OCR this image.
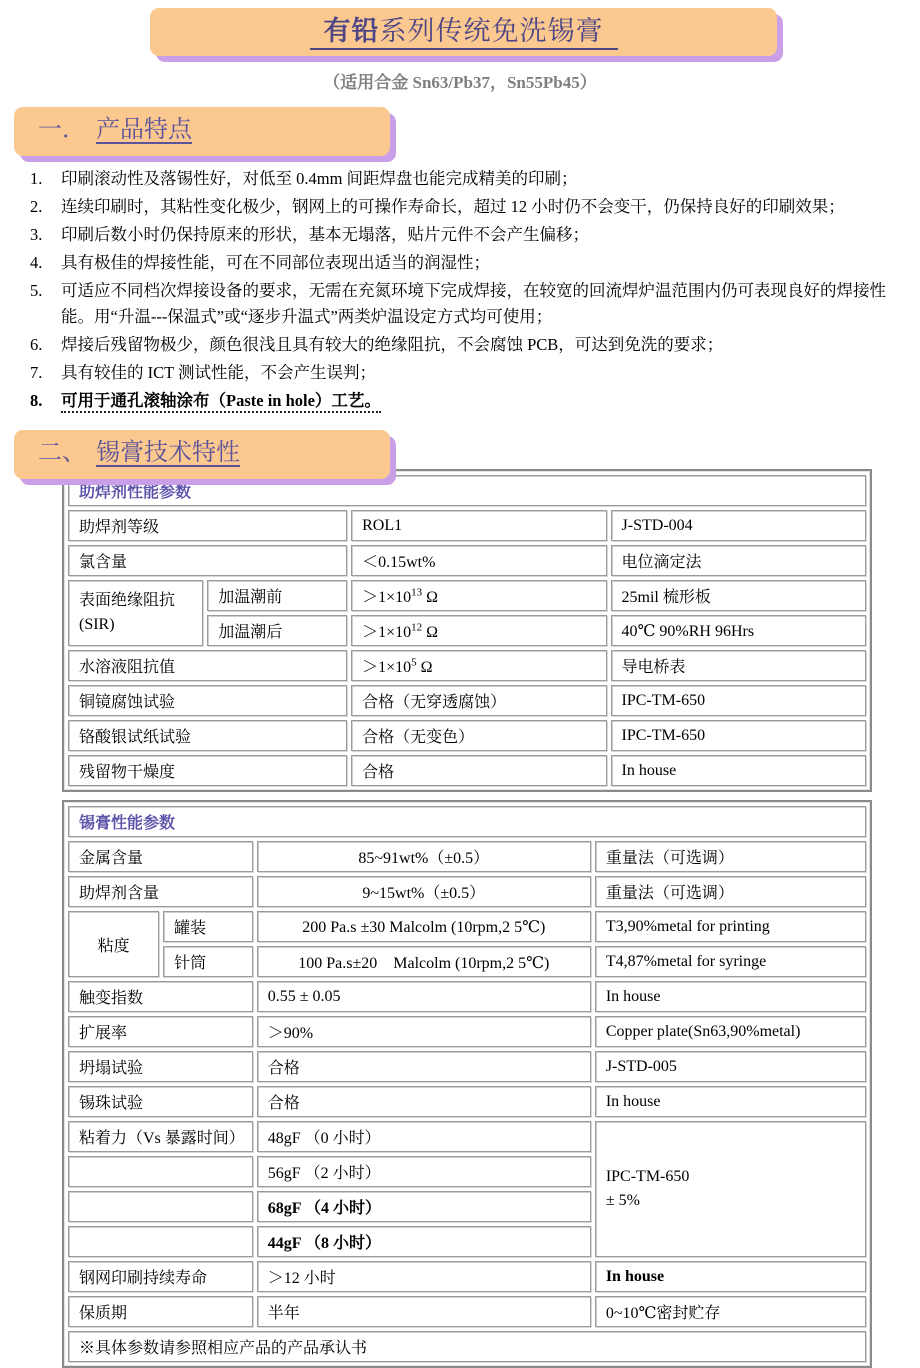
有铅系列传统免洗锡膏
（适用合金 Sn63/Pb37，Sn55Pb45）
一． 产品特点
1.	印刷滚动性及落锡性好，对低至 0.4mm 间距焊盘也能完成精美的印刷；
2.	连续印刷时，其粘性变化极少，钢网上的可操作寿命长，超过 12 小时仍不会变干，仍保持良好的印刷效果；
3.	印刷后数小时仍保持原来的形状，基本无塌落，贴片元件不会产生偏移；
4.	具有极佳的焊接性能，可在不同部位表现出适当的润湿性；
5.	可适应不同档次焊接设备的要求，无需在充氮环境下完成焊接，在较宽的回流焊炉温范围内仍可表现良好的焊接性能。用“升温---保温式”或“逐步升温式”两类炉温设定方式均可使用；
6.	焊接后残留物极少，颜色很浅且具有较大的绝缘阻抗，不会腐蚀 PCB，可达到免洗的要求；
7.	具有较佳的 ICT 测试性能，不会产生误判；
8.	可用于通孔滚轴涂布（Paste in hole）工艺。
二、 锡膏技术特性
助焊剂性能参数			
助焊剂等级		ROL1	J-STD-004
氯含量		＜0.15wt%	电位滴定法
表面绝缘阻抗
(SIR)	加温潮前	$>1\times 10^{13}$ Ω	25mil 梳形板
	加温潮后	$>1\times 10^{12}$ Ω	40℃ 90%RH 96Hrs
水溶液阻抗值		$>1\times 10^5$ Ω	导电桥表
铜镜腐蚀试验		合格（无穿透腐蚀）	IPC-TM-650
铬酸银试纸试验		合格（无变色）	IPC-TM-650
残留物干燥度		合格	In house
锡膏性能参数			
金属含量		85~91wt%（±0.5）	重量法（可选调）
助焊剂含量		9~15wt%（±0.5）	重量法（可选调）
粘度	罐装	200 Pa.s ±30 Malcolm (10rpm,2 5℃)	T3,90%metal for printing
	针筒	100 Pa.s±20　Malcolm (10rpm,2 5℃)	T4,87%metal for syringe
触变指数		0.55 ± 0.05	In house
扩展率		＞90%	Copper plate(Sn63,90%metal)
坍塌试验		合格	J-STD-005
锡珠试验		合格	In house
粘着力（Vs 暴露时间）		48gF （0 小时）	IPC-TM-650
± 5%
		56gF （2 小时）	
		68gF （4 小时）	
		44gF （8 小时）	
钢网印刷持续寿命		＞12 小时	In house
保质期		半年	0~10℃密封贮存
※具体参数请参照相应产品的产品承认书			
